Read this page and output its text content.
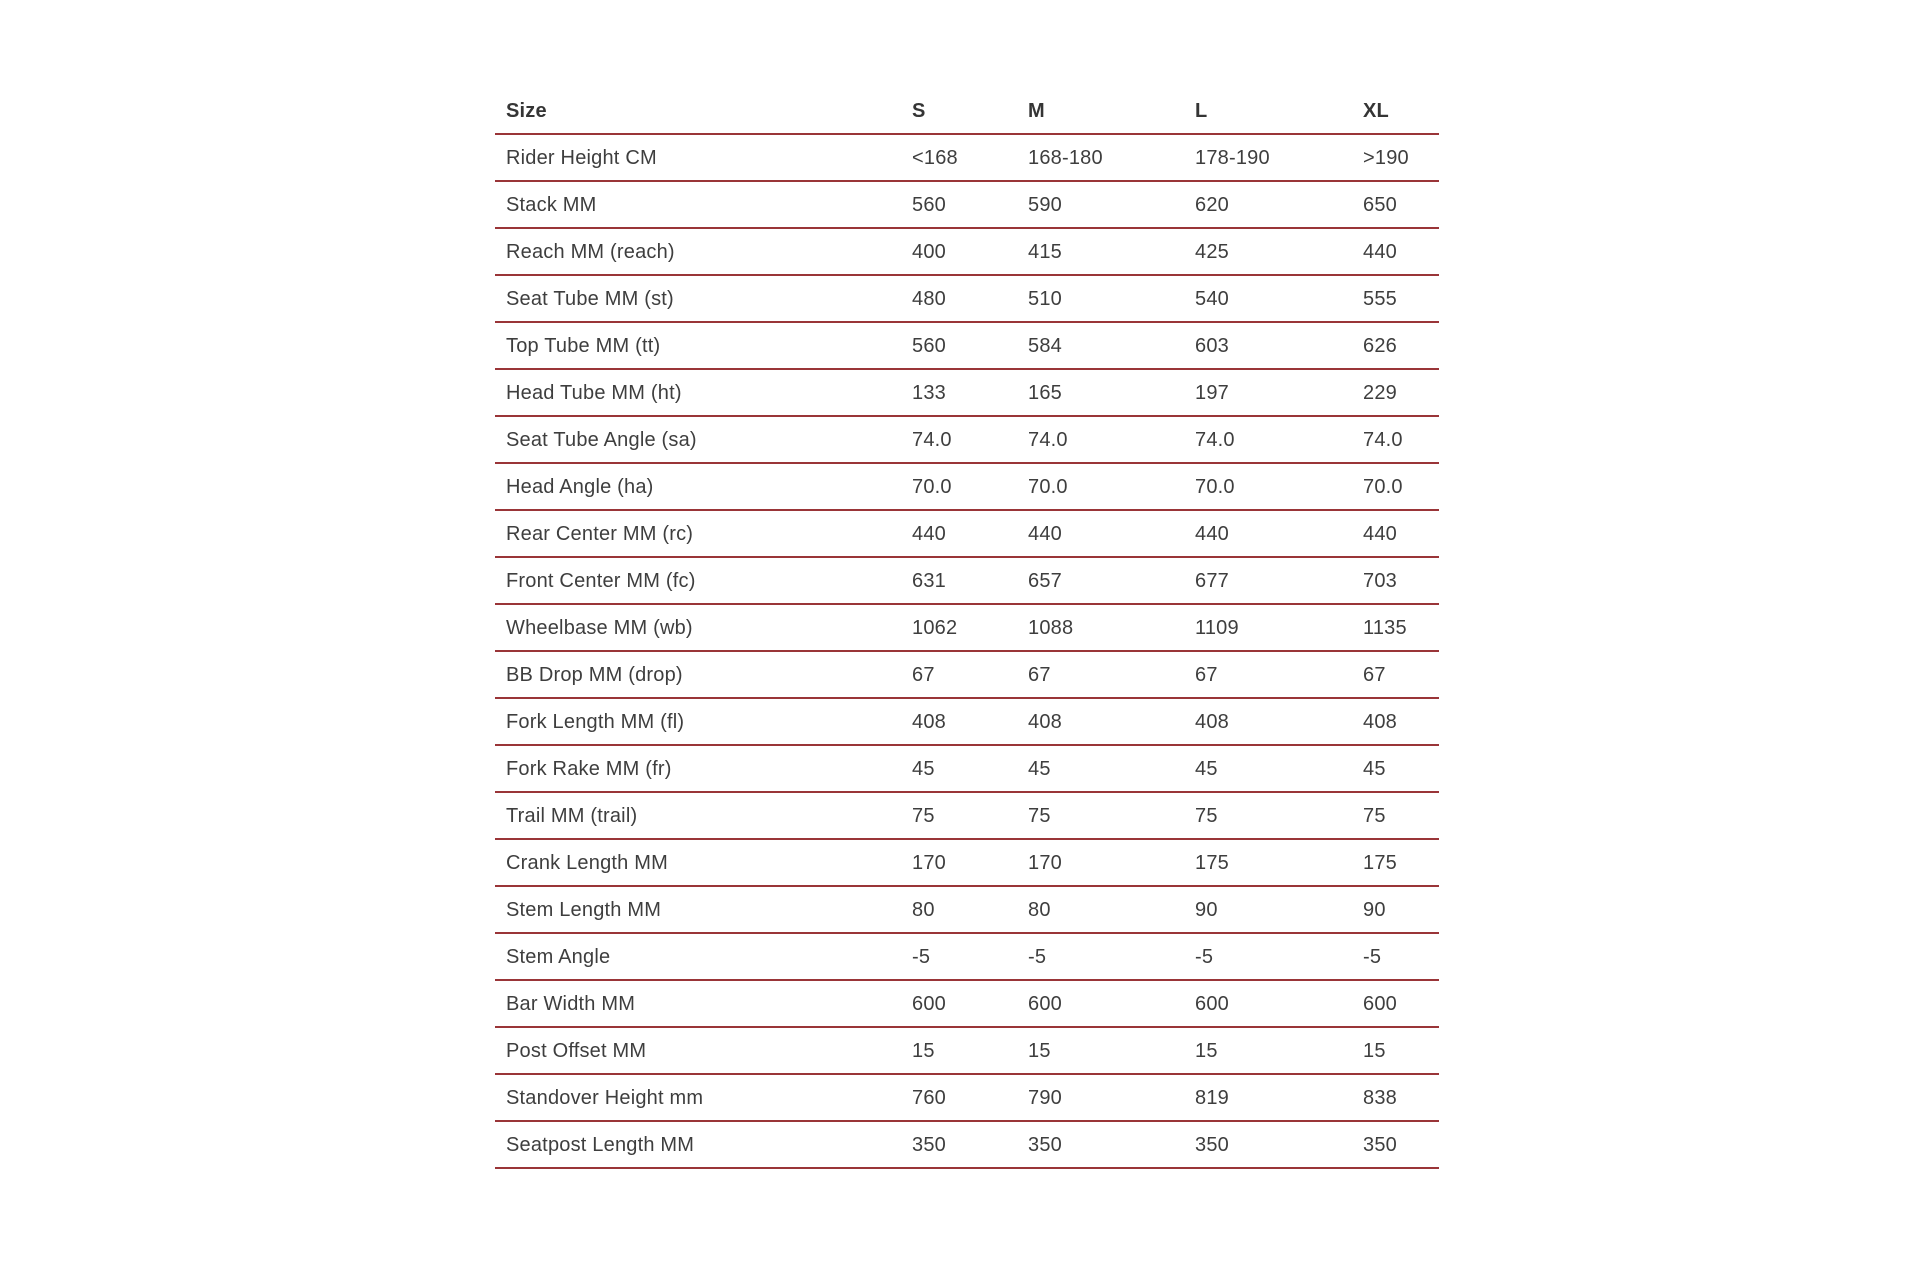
Size	S	M	L	XL
Rider Height CM	<168	168-180	178-190	>190
Stack MM	560	590	620	650
Reach MM (reach)	400	415	425	440
Seat Tube MM (st)	480	510	540	555
Top Tube MM (tt)	560	584	603	626
Head Tube MM (ht)	133	165	197	229
Seat Tube Angle (sa)	74.0	74.0	74.0	74.0
Head Angle (ha)	70.0	70.0	70.0	70.0
Rear Center MM (rc)	440	440	440	440
Front Center MM (fc)	631	657	677	703
Wheelbase MM (wb)	1062	1088	1109	1135
BB Drop MM (drop)	67	67	67	67
Fork Length MM (fl)	408	408	408	408
Fork Rake MM (fr)	45	45	45	45
Trail MM (trail)	75	75	75	75
Crank Length MM	170	170	175	175
Stem Length MM	80	80	90	90
Stem Angle	-5	-5	-5	-5
Bar Width MM	600	600	600	600
Post Offset MM	15	15	15	15
Standover Height mm	760	790	819	838
Seatpost Length MM	350	350	350	350
